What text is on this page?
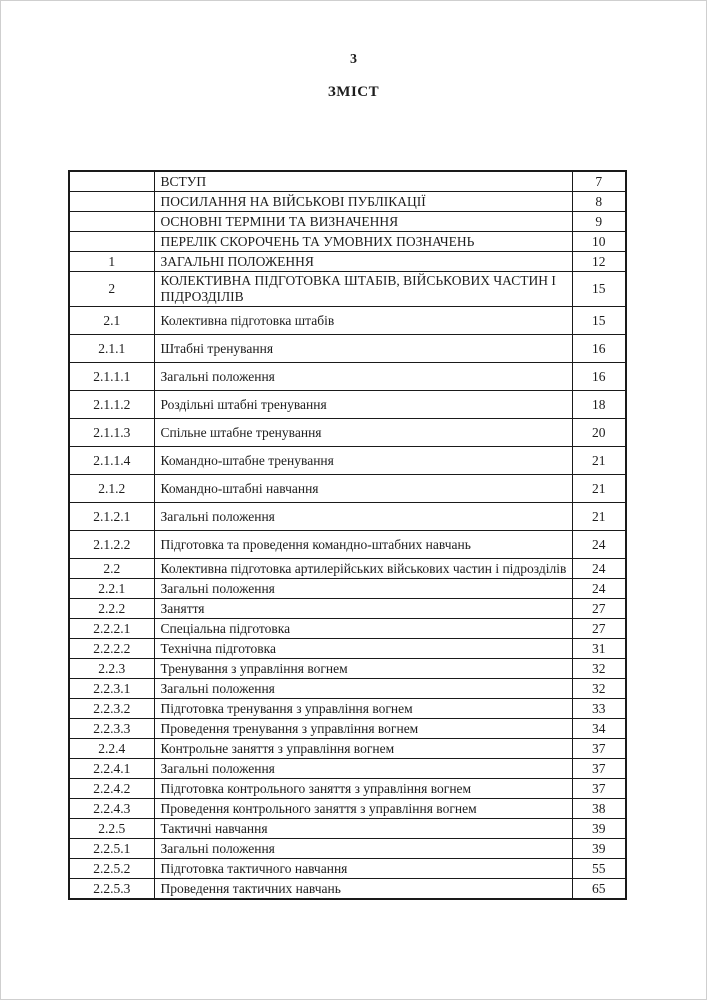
3
ЗМІСТ
	ВСТУП	7
	ПОСИЛАННЯ НА ВІЙСЬКОВІ ПУБЛІКАЦІЇ	8
	ОСНОВНІ ТЕРМІНИ ТА ВИЗНАЧЕННЯ	9
	ПЕРЕЛІК СКОРОЧЕНЬ ТА УМОВНИХ ПОЗНАЧЕНЬ	10
1	ЗАГАЛЬНІ ПОЛОЖЕННЯ	12
2	КОЛЕКТИВНА ПІДГОТОВКА ШТАБІВ, ВІЙСЬКОВИХ ЧАСТИН І ПІДРОЗДІЛІВ	15
2.1	Колективна підготовка штабів	15
2.1.1	Штабні тренування	16
2.1.1.1	Загальні положення	16
2.1.1.2	Роздільні штабні тренування	18
2.1.1.3	Спільне штабне тренування	20
2.1.1.4	Командно-штабне тренування	21
2.1.2	Командно-штабні навчання	21
2.1.2.1	Загальні положення	21
2.1.2.2	Підготовка та проведення командно-штабних навчань	24
2.2	Колективна підготовка артилерійських військових частин і підрозділів	24
2.2.1	Загальні положення	24
2.2.2	Заняття	27
2.2.2.1	Спеціальна підготовка	27
2.2.2.2	Технічна підготовка	31
2.2.3	Тренування з управління вогнем	32
2.2.3.1	Загальні положення	32
2.2.3.2	Підготовка тренування з управління вогнем	33
2.2.3.3	Проведення тренування з управління вогнем	34
2.2.4	Контрольне заняття з управління вогнем	37
2.2.4.1	Загальні положення	37
2.2.4.2	Підготовка контрольного заняття з управління вогнем	37
2.2.4.3	Проведення контрольного заняття з управління вогнем	38
2.2.5	Тактичні навчання	39
2.2.5.1	Загальні положення	39
2.2.5.2	Підготовка тактичного навчання	55
2.2.5.3	Проведення тактичних навчань	65
